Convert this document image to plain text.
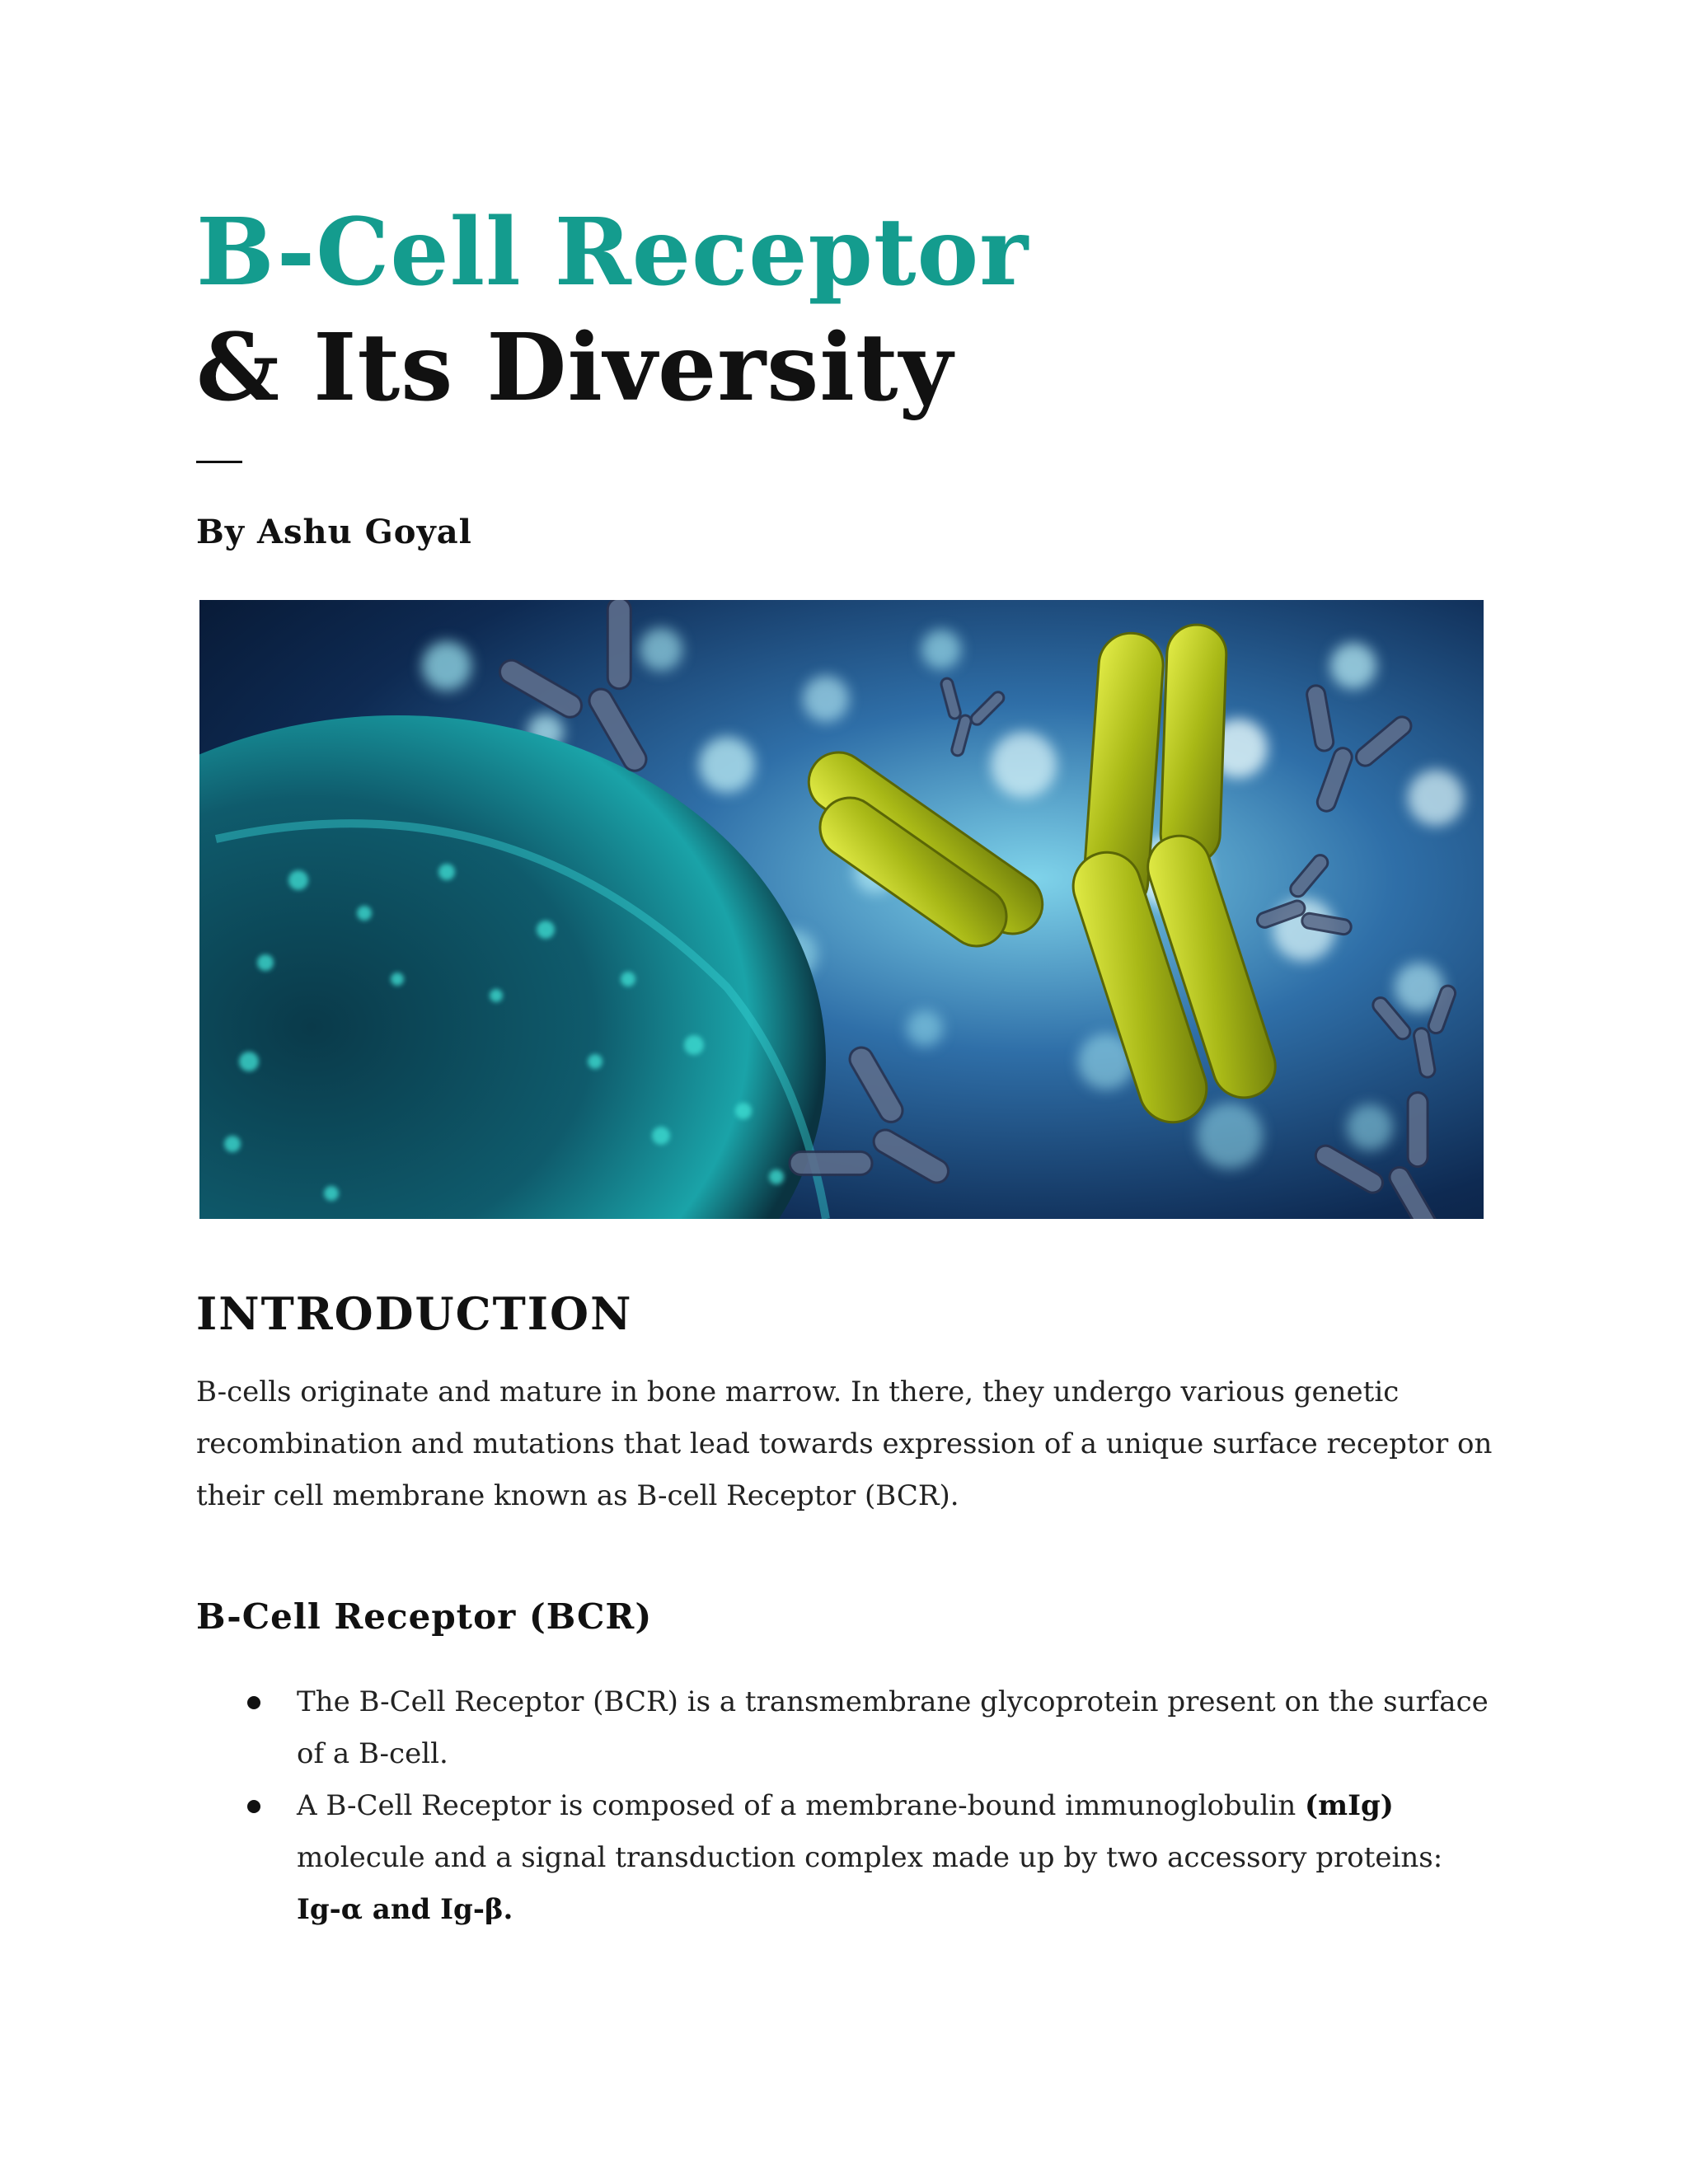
B-Cell Receptor
& Its Diversity

By Ashu Goyal

INTRODUCTION

B-cells originate and mature in bone marrow. In there, they undergo various genetic recombination and mutations that lead towards expression of a unique surface receptor on their cell membrane known as B-cell Receptor (BCR).

B-Cell Receptor (BCR)
The B-Cell Receptor (BCR) is a transmembrane glycoprotein present on the surface of a B-cell.
A B-Cell Receptor is composed of a membrane-bound immunoglobulin (mIg) molecule and a signal transduction complex made up by two accessory proteins: Ig-α and Ig-β.
